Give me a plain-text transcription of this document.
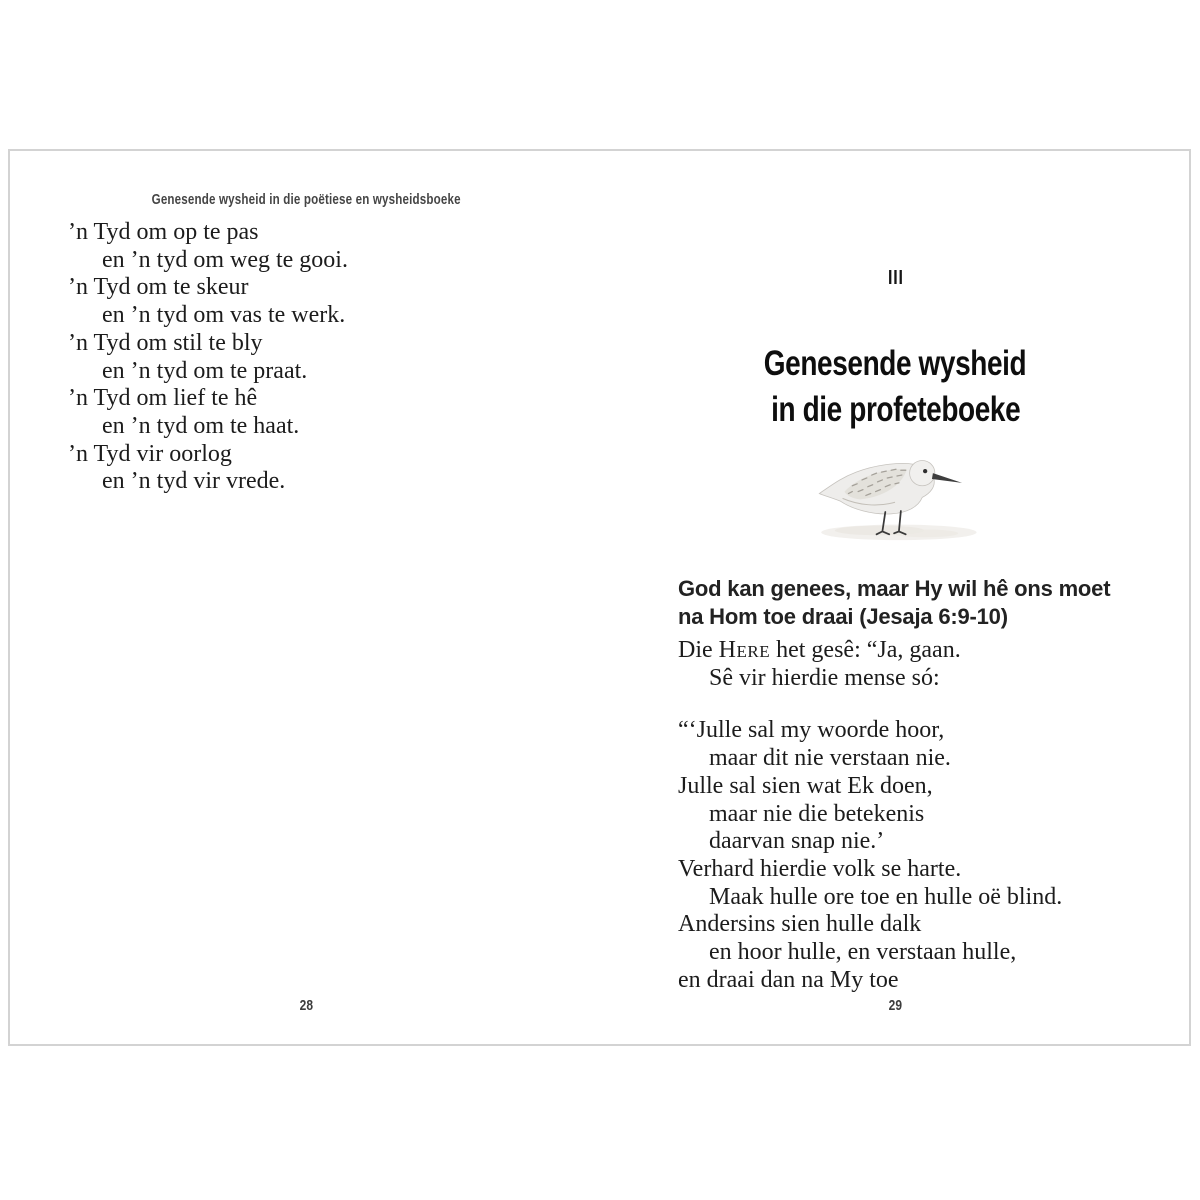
Genesende wysheid in die poëtiese en wysheidsboeke
’n Tyd om op te pas
en ’n tyd om weg te gooi.
’n Tyd om te skeur
en ’n tyd om vas te werk.
’n Tyd om stil te bly
en ’n tyd om te praat.
’n Tyd om lief te hê
en ’n tyd om te haat.
’n Tyd vir oorlog
en ’n tyd vir vrede.
28
III
Genesende wysheid
in die profeteboeke
God kan genees, maar Hy wil hê ons moet
na Hom toe draai (Jesaja 6:9-10)
Die Here het gesê: “Ja, gaan.
Sê vir hierdie mense só:
“‘Julle sal my woorde hoor,
maar dit nie verstaan nie.
Julle sal sien wat Ek doen,
maar nie die betekenis
daarvan snap nie.’
Verhard hierdie volk se harte.
Maak hulle ore toe en hulle oë blind.
Andersins sien hulle dalk
en hoor hulle, en verstaan hulle,
en draai dan na My toe
29
